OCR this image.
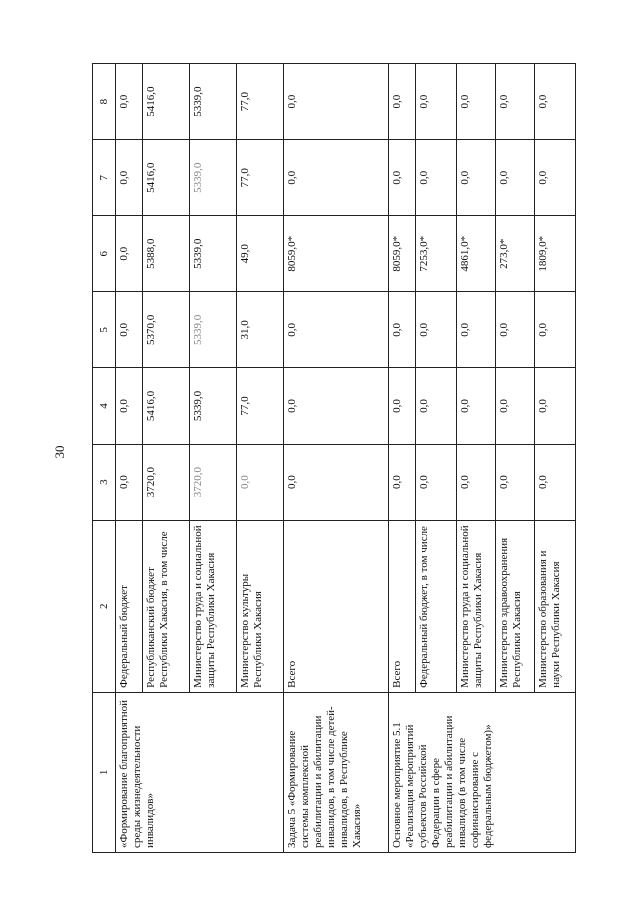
30
1	2	3	4	5	6	7	8
«Формирование благоприятной среды жизнедеятельности инвалидов»	Федеральный бюджет	0,0	0,0	0,0	0,0	0,0	0,0
	Республиканский бюджет Республики Хакасия, в том числе	3720,0	5416,0	5370,0	5388,0	5416,0	5416,0
	Министерство труда и социальной защиты Республики Хакасия	3720,0	5339,0	5339,0	5339,0	5339,0	5339,0
	Министерство культуры Республики Хакасия	0,0	77,0	31,0	49,0	77,0	77,0
Задача 5 «Формирование системы комплексной реабилитации и абилитации инвалидов, в том числе детей-инвалидов, в Республике Хакасия»	Всего	0,0	0,0	0,0	8059,0*	0,0	0,0
Основное мероприятие 5.1 «Реализация мероприятий субъектов Российской Федерации в сфере реабилитации и абилитации инвалидов (в том числе софинансирование с федеральным бюджетом)»	Всего	0,0	0,0	0,0	8059,0*	0,0	0,0
	Федеральный бюджет, в том числе	0,0	0,0	0,0	7253,0*	0,0	0,0
	Министерство труда и социальной защиты Республики Хакасия	0,0	0,0	0,0	4861,0*	0,0	0,0
	Министерство здравоохранения Республики Хакасия	0,0	0,0	0,0	273,0*	0,0	0,0
	Министерство образования и науки Республики Хакасия	0,0	0,0	0,0	1809,0*	0,0	0,0
